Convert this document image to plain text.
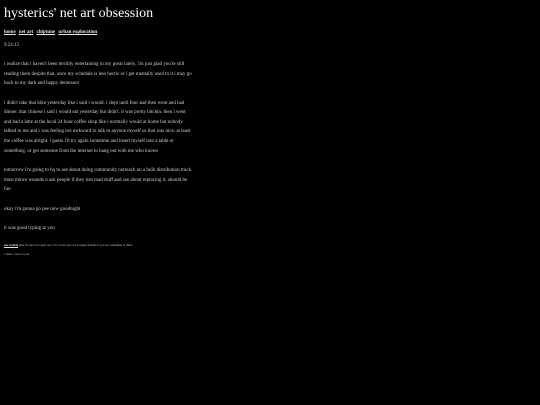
hysterics' net art obsession
home net art chiptune urban exploration
9.24.13

i realize that i haven't been terribly entertaining in my posts lately. i'm just glad you're still reading them despite that. once my schedule is less hectic or i get mentally used to it i may go back to my dark and happy demeanor

i didn't take that bike yesterday like i said i would. i slept until four and then went and had dinner. that chinese i said i would eat yesterday but didn't. it was pretty bitchin. then i went and had a latte at the local 24 hour coffee shop like i normally would at home but nobody talked to me and i was feeling too awkward to talk to anyone myself so that was nice. at least the coffee was alright. i guess i'll try again sometime and insert myself into a table or something. or get someone from the internet to hang out with me who knows

tomorrow i'm going to hq to see about doing community outreach on a bulk distribution truck. must mince wounds n ask people if they lost mad stuff and see about replacing it. should be fun

okay i'm gonna go pee now goodnight

it was good typing at you

use symbol time for me to be quiet now it is so late give me passing students if you see something of mine
1 share, view on post
